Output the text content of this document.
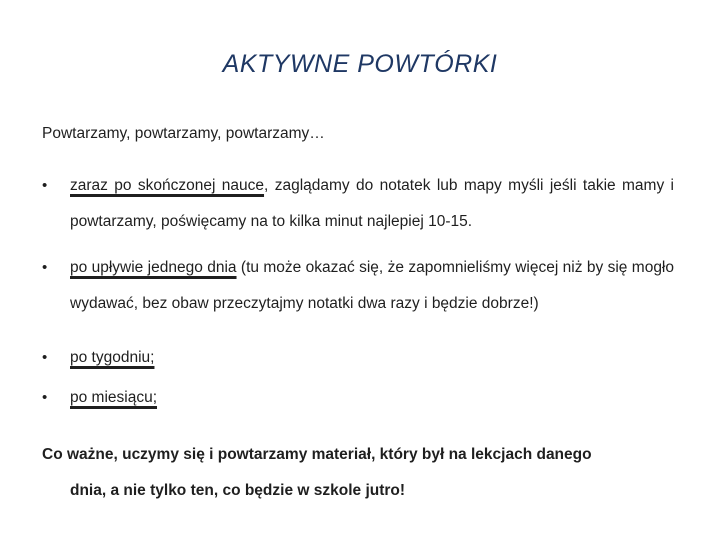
AKTYWNE POWTÓRKI
Powtarzamy, powtarzamy, powtarzamy…
• zaraz po skończonej nauce, zaglądamy do notatek lub mapy myśli jeśli takie mamy i powtarzamy, poświęcamy na to kilka minut najlepiej 10-15.
• po upływie jednego dnia (tu może okazać się, że zapomnieliśmy więcej niż by się mogło wydawać, bez obaw przeczytajmy notatki dwa razy i będzie dobrze!)
• po tygodniu;
• po miesiącu;
Co ważne, uczymy się i powtarzamy materiał, który był na lekcjach danego
dnia, a nie tylko ten, co będzie w szkole jutro!
